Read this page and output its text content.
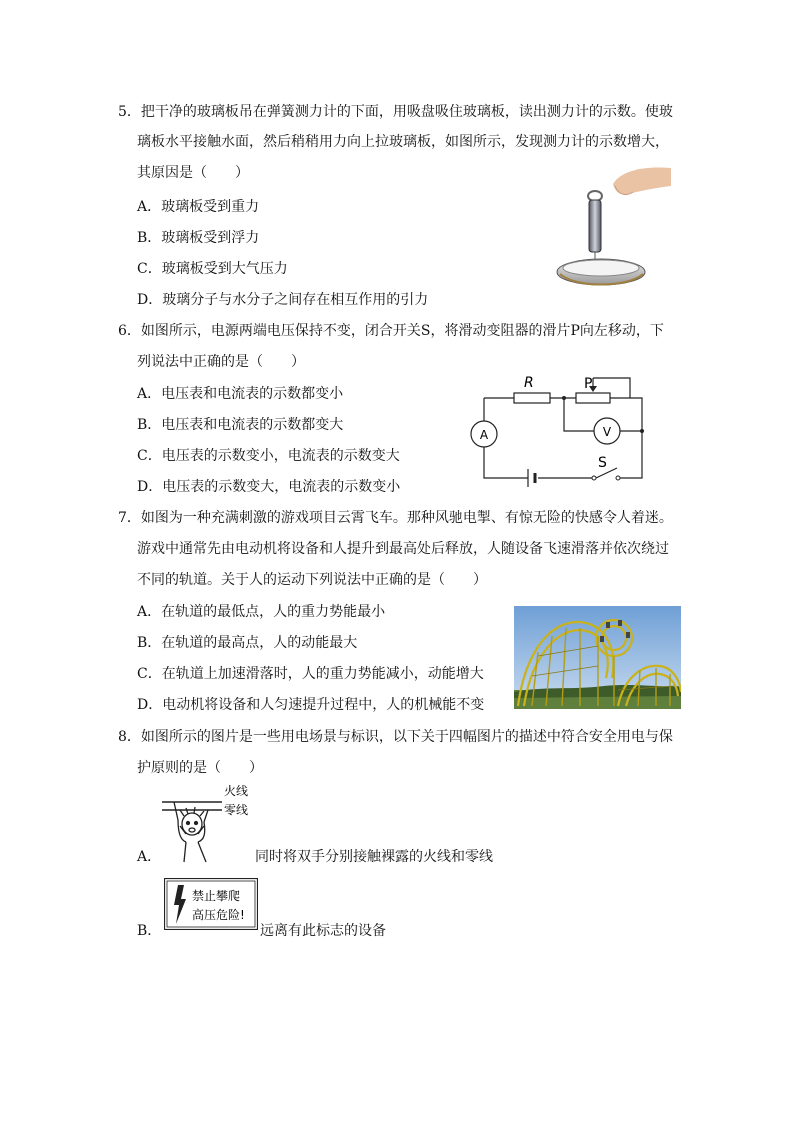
5．把干净的玻璃板吊在弹簧测力计的下面，用吸盘吸住玻璃板，读出测力计的示数。使玻
璃板水平接触水面，然后稍稍用力向上拉玻璃板，如图所示，发现测力计的示数增大，
其原因是（　　）
A．玻璃板受到重力
B．玻璃板受到浮力
C．玻璃板受到大气压力
D．玻璃分子与水分子之间存在相互作用的引力
6．如图所示，电源两端电压保持不变，闭合开关S，将滑动变阻器的滑片P向左移动，下
列说法中正确的是（　　）
A．电压表和电流表的示数都变小
B．电压表和电流表的示数都变大
C．电压表的示数变小，电流表的示数变大
D．电压表的示数变大，电流表的示数变小
R	P
A	V
S
7．如图为一种充满刺激的游戏项目云霄飞车。那种风驰电掣、有惊无险的快感令人着迷。
游戏中通常先由电动机将设备和人提升到最高处后释放，人随设备飞速滑落并依次绕过
不同的轨道。关于人的运动下列说法中正确的是（　　）
A．在轨道的最低点，人的重力势能最小
B．在轨道的最高点，人的动能最大
C．在轨道上加速滑落时，人的重力势能减小，动能增大
D．电动机将设备和人匀速提升过程中，人的机械能不变
8．如图所示的图片是一些用电场景与标识，以下关于四幅图片的描述中符合安全用电与保
护原则的是（　　）
火线
零线
A．	同时将双手分别接触裸露的火线和零线
禁止攀爬
高压危险!
B．	远离有此标志的设备
